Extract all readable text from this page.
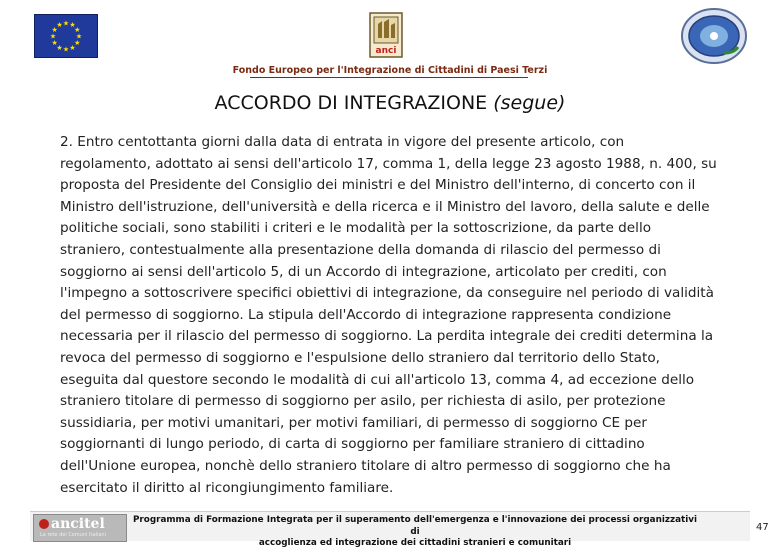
★ ★
★
★
★
★
★
★
★
★
★
★
anci
Fondo Europeo per l'Integrazione di Cittadini di Paesi Terzi
ACCORDO DI INTEGRAZIONE (segue)
2. Entro centottanta giorni dalla data di entrata in vigore del presente articolo, con
regolamento, adottato ai sensi dell'articolo 17, comma 1, della legge 23 agosto 1988, n. 400, su
proposta del Presidente del Consiglio dei ministri e del Ministro dell'interno, di concerto con il
Ministro dell'istruzione, dell'università e della ricerca e il Ministro del lavoro, della salute e delle
politiche sociali, sono stabiliti i criteri e le modalità per la sottoscrizione, da parte dello
straniero, contestualmente alla presentazione della domanda di rilascio del permesso di
soggiorno ai sensi dell'articolo 5, di un Accordo di integrazione, articolato per crediti, con
l'impegno a sottoscrivere specifici obiettivi di integrazione, da conseguire nel periodo di validità
del permesso di soggiorno. La stipula dell'Accordo di integrazione rappresenta condizione
necessaria per il rilascio del permesso di soggiorno. La perdita integrale dei crediti determina la
revoca del permesso di soggiorno e l'espulsione dello straniero dal territorio dello Stato,
eseguita dal questore secondo le modalità di cui all'articolo 13, comma 4, ad eccezione dello
straniero titolare di permesso di soggiorno per asilo, per richiesta di asilo, per protezione
sussidiaria, per motivi umanitari, per motivi familiari, di permesso di soggiorno CE per
soggiornanti di lungo periodo, di carta di soggiorno per familiare straniero di cittadino
dell'Unione europea, nonchè dello straniero titolare di altro permesso di soggiorno che ha
esercitato il diritto al ricongiungimento familiare.
ancitel
La rete dei Comuni Italiani
Programma di Formazione Integrata per il superamento dell'emergenza e l'innovazione dei processi organizzativi di
accoglienza ed integrazione dei cittadini stranieri e comunitari
47
